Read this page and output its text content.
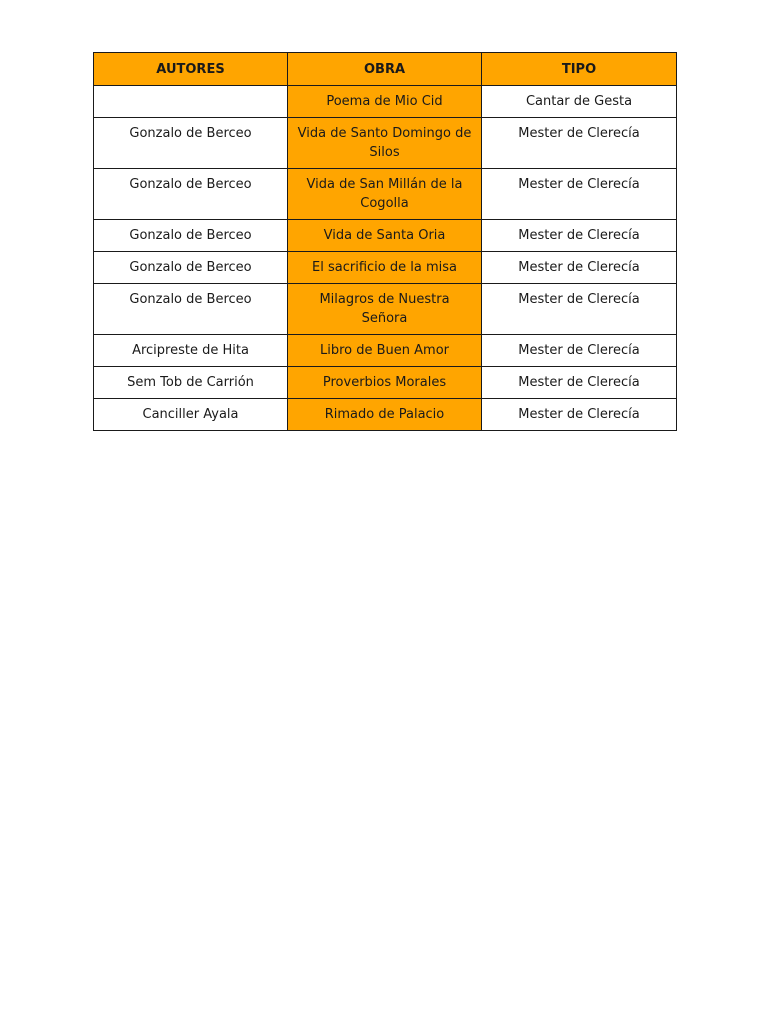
AUTORES	OBRA	TIPO
	Poema de Mio Cid	Cantar de Gesta
Gonzalo de Berceo	Vida de Santo Domingo de Silos	Mester de Clerecía
Gonzalo de Berceo	Vida de San Millán de la Cogolla	Mester de Clerecía
Gonzalo de Berceo	Vida de Santa Oria	Mester de Clerecía
Gonzalo de Berceo	El sacrificio de la misa	Mester de Clerecía
Gonzalo de Berceo	Milagros de Nuestra Señora	Mester de Clerecía
Arcipreste de Hita	Libro de Buen Amor	Mester de Clerecía
Sem Tob de Carrión	Proverbios Morales	Mester de Clerecía
Canciller Ayala	Rimado de Palacio	Mester de Clerecía
